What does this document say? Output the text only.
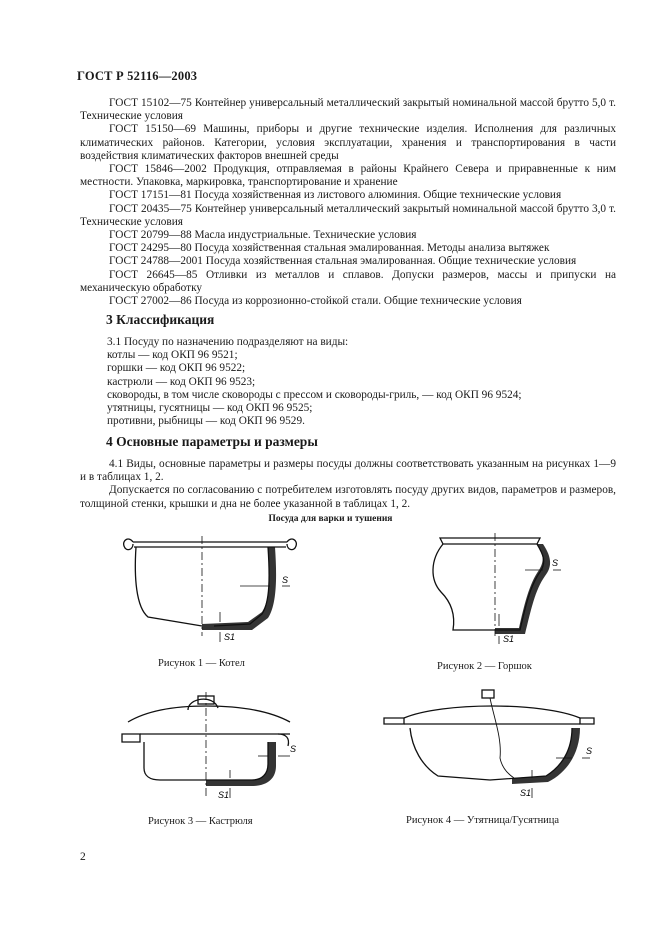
ГОСТ Р 52116—2003
ГОСТ 15102—75 Контейнер универсальный металлический закрытый номинальной массой брутто 5,0 т. Технические условия
ГОСТ 15150—69 Машины, приборы и другие технические изделия. Исполнения для различных климатических районов. Категории, условия эксплуатации, хранения и транспортирования в части воздействия климатических факторов внешней среды
ГОСТ 15846—2002 Продукция, отправляемая в районы Крайнего Севера и приравненные к ним местности. Упаковка, маркировка, транспортирование и хранение
ГОСТ 17151—81 Посуда хозяйственная из листового алюминия. Общие технические условия
ГОСТ 20435—75 Контейнер универсальный металлический закрытый номинальной массой брутто 3,0 т. Технические условия
ГОСТ 20799—88 Масла индустриальные. Технические условия
ГОСТ 24295—80 Посуда хозяйственная стальная эмалированная. Методы анализа вытяжек
ГОСТ 24788—2001 Посуда хозяйственная стальная эмалированная. Общие технические условия
ГОСТ 26645—85 Отливки из металлов и сплавов. Допуски размеров, массы и припуски на механическую обработку
ГОСТ 27002—86 Посуда из коррозионно-стойкой стали. Общие технические условия
3 Классификация
3.1 Посуду по назначению подразделяют на виды:
котлы — код ОКП 96 9521;
горшки — код ОКП 96 9522;
кастрюли — код ОКП 96 9523;
сковороды, в том числе сковороды с прессом и сковороды-гриль, — код ОКП 96 9524;
утятницы, гусятницы — код ОКП 96 9525;
противни, рыбницы — код ОКП 96 9529.
4 Основные параметры и размеры
4.1 Виды, основные параметры и размеры посуды должны соответствовать указанным на рисунках 1—9 и в таблицах 1, 2.
Допускается по согласованию с потребителем изготовлять посуду других видов, параметров и размеров, толщиной стенки, крышки и дна не более указанной в таблицах 1, 2.
Посуда для варки и тушения
S
S1
S
S1
S
S1
S
S1
Рисунок 1 — Котел	Рисунок 2 — Горшок
Рисунок 3 — Кастрюля	Рисунок 4 — Утятница/Гусятница
2
